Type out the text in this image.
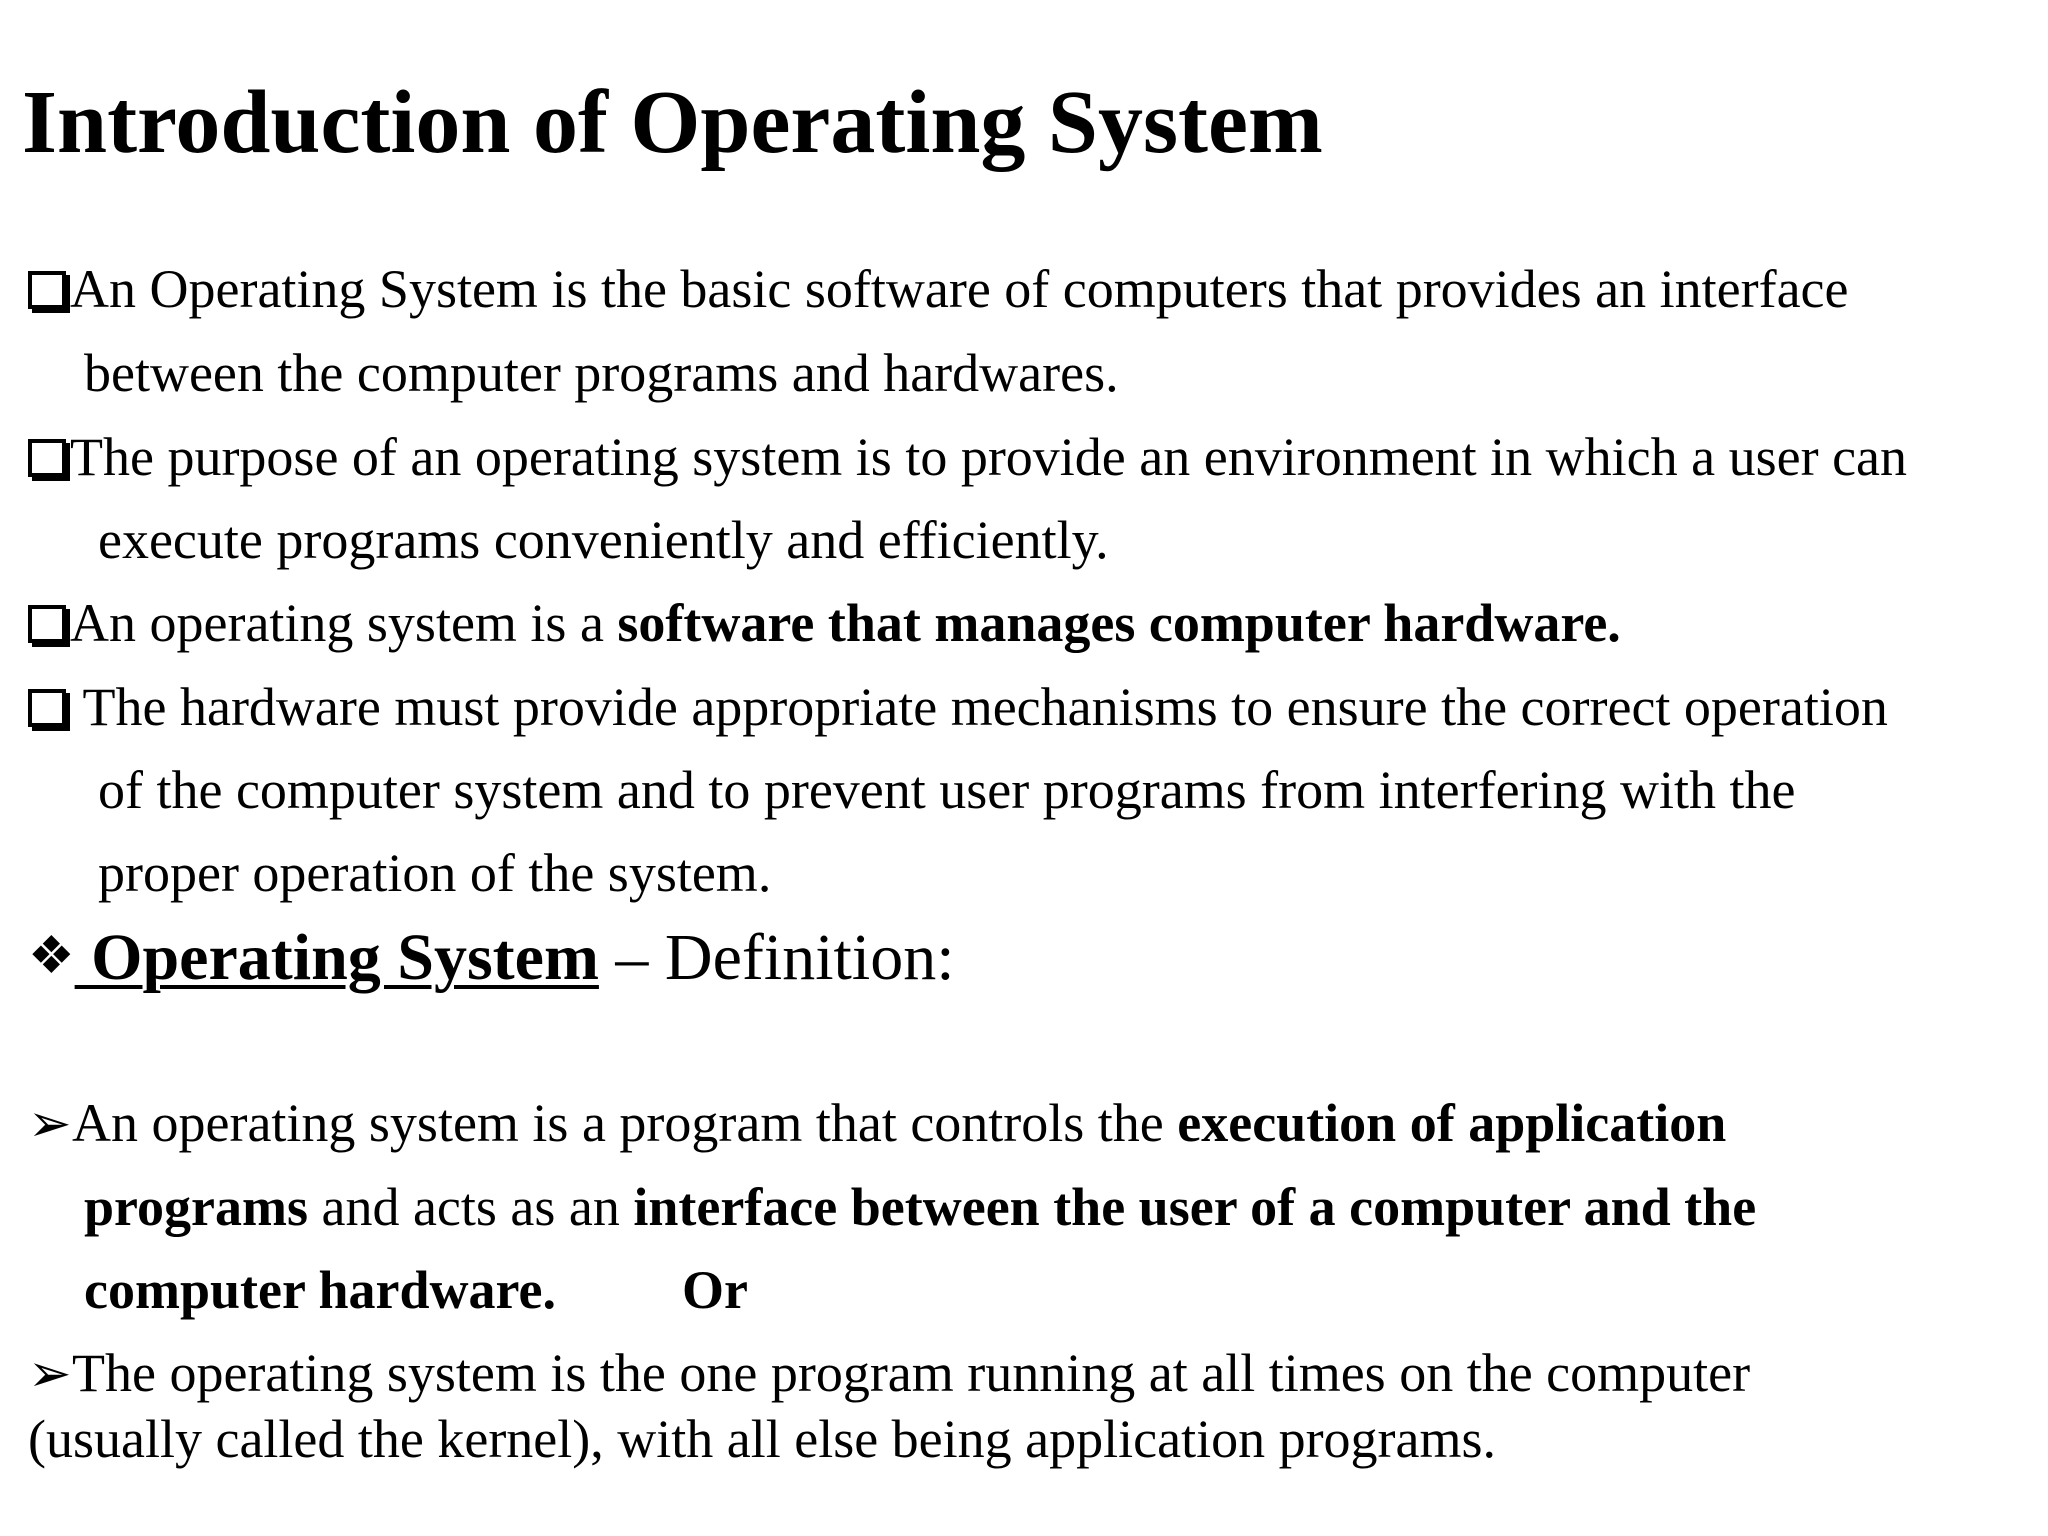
Introduction of Operating System
An Operating System is the basic software of computers that provides an interface
between the computer programs and hardwares.
The purpose of an operating system is to provide an environment in which a user can
execute programs conveniently and efficiently.
An operating system is a software that manages computer hardware.
The hardware must provide appropriate mechanisms to ensure the correct operation
of the computer system and to prevent user programs from interfering with the
proper operation of the system.
❖ Operating System – Definition:
➢An operating system is a program that controls the execution of application
programs and acts as an interface between the user of a computer and the
computer hardware. Or
➢The operating system is the one program running at all times on the computer
(usually called the kernel), with all else being application programs.
